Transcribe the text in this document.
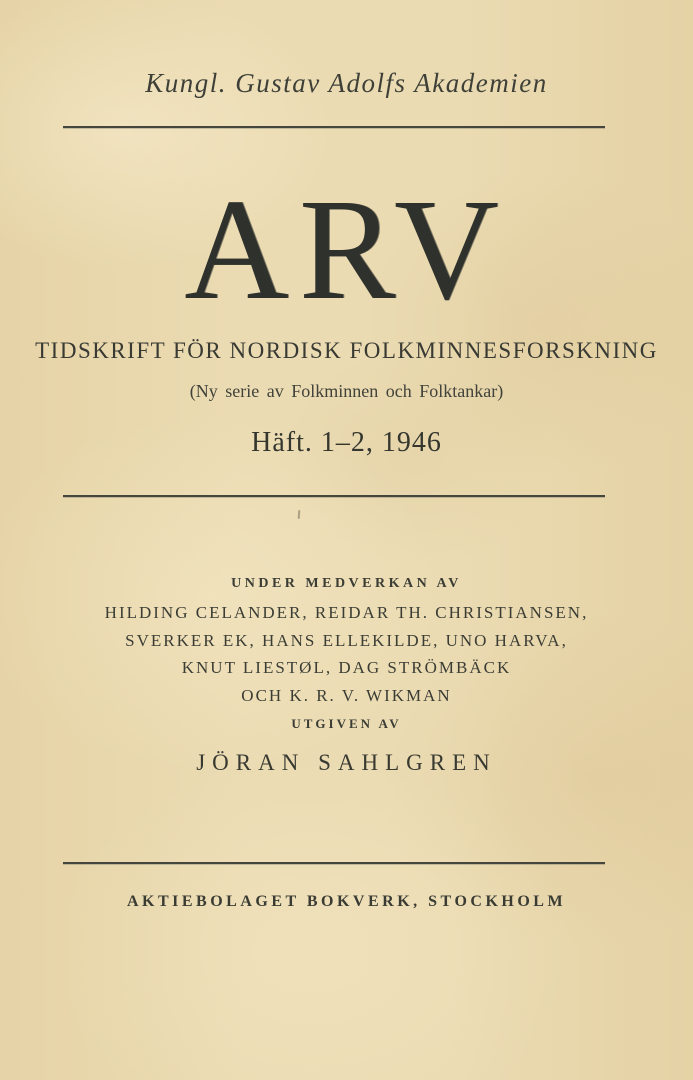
Kungl. Gustav Adolfs Akademien
ARV
TIDSKRIFT FÖR NORDISK FOLKMINNESFORSKNING
(Ny serie av Folkminnen och Folktankar)
Häft. 1–2, 1946
UNDER MEDVERKAN AV
HILDING CELANDER, REIDAR TH. CHRISTIANSEN,
SVERKER EK, HANS ELLEKILDE, UNO HARVA,
KNUT LIESTØL, DAG STRÖMBÄCK
OCH K. R. V. WIKMAN
UTGIVEN AV
JÖRAN SAHLGREN
AKTIEBOLAGET BOKVERK, STOCKHOLM
